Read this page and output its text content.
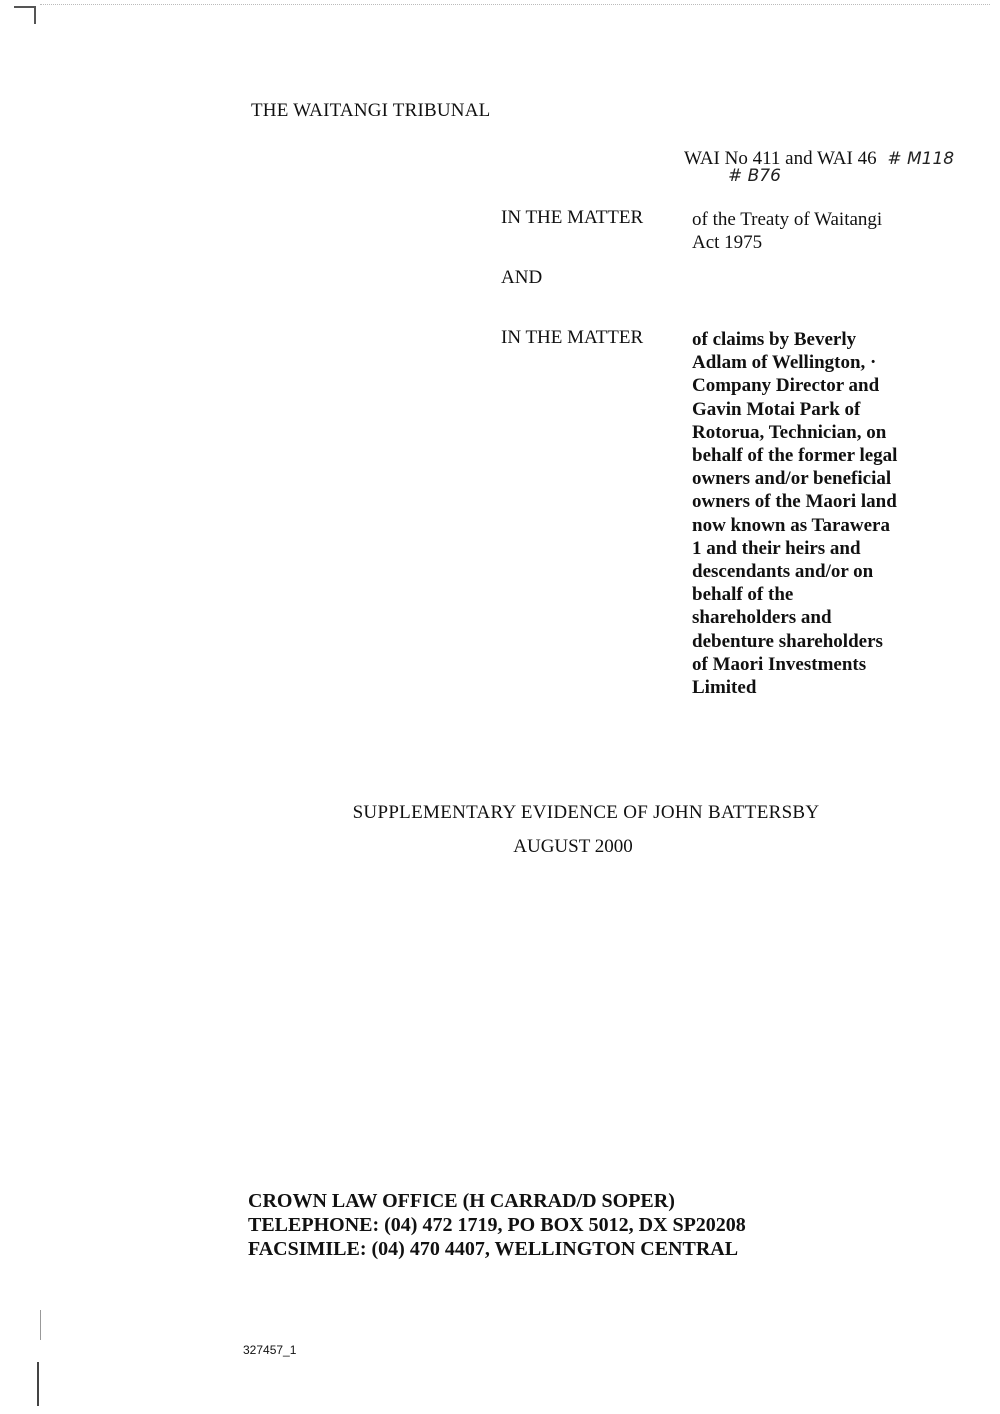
THE WAITANGI TRIBUNAL
WAI No 411 and WAI 46 # M118
# B76
IN THE MATTER	of the Treaty of Waitangi
Act 1975
AND
IN THE MATTER	of claims by Beverly
Adlam of Wellington, ·
Company Director and
Gavin Motai Park of
Rotorua, Technician, on
behalf of the former legal
owners and/or beneficial
owners of the Maori land
now known as Tarawera
1 and their heirs and
descendants and/or on
behalf of the
shareholders and
debenture shareholders
of Maori Investments
Limited
SUPPLEMENTARY EVIDENCE OF JOHN BATTERSBY
AUGUST 2000
CROWN LAW OFFICE (H CARRAD/D SOPER)
TELEPHONE: (04) 472 1719, PO BOX 5012, DX SP20208
FACSIMILE: (04) 470 4407, WELLINGTON CENTRAL
327457_1
